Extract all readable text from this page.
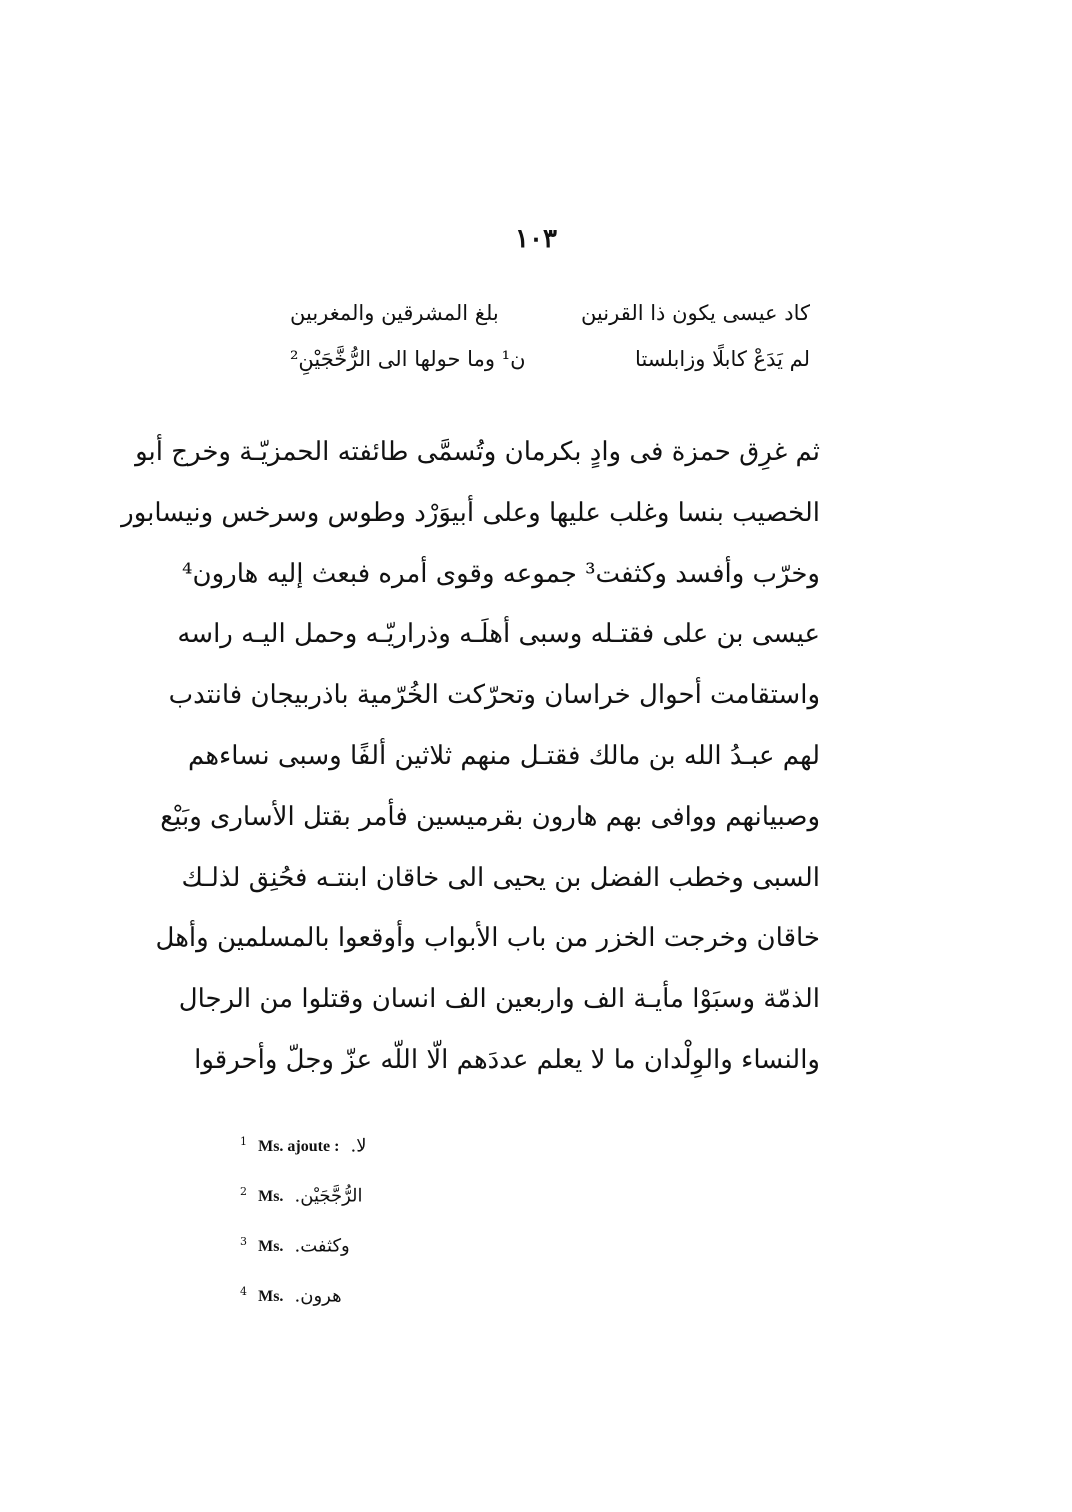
١٠٣
كاد عيسى يكون ذا القرنين
بلغ المشرقين والمغربين
لم يَدَعْ كابلًا وزابلستا
ن¹ وما حولها الى الرُّخَّجَيْنِ²
ثم غرِق حمزة فى وادٍ بكرمان وتُسمَّى طائفته الحمزيّـة وخرج أبو
الخصيب بنسا وغلب عليها وعلى أبيوَرْد وطوس وسرخس ونيسابور
وخرّب وأفسد وكثفت³ جموعه وقوى أمره فبعث إليه هارون⁴
عيسى بن على فقتـله وسبى أهلَـه وذراريّـه وحمل اليـه راسه
واستقامت أحوال خراسان وتحرّكت الخُرّمية باذربيجان فانتدب
لهم عبـدُ الله بن مالك فقتـل منهم ثلاثين ألفًا وسبى نساءهم
وصبيانهم ووافى بهم هارون بقرميسين فأمر بقتل الأسارى وبَيْع
السبى وخطب الفضل بن يحيى الى خاقان ابنتـه فحُنِق لذلـك
خاقان وخرجت الخزر من باب الأبواب وأوقعوا بالمسلمين وأهل
الذمّة وسبَوْا مأيـة الف واربعين الف انسان وقتلوا من الرجال
والنساء والوِلْدان ما لا يعلم عددَهم الّا اللّه عزّ وجلّ وأحرقوا
$^1$ Ms. ajoute : لا.
$^2$ Ms. الرُّجَّجَيْن.
$^3$ Ms. وكثفت.
$^4$ Ms. هرون.
